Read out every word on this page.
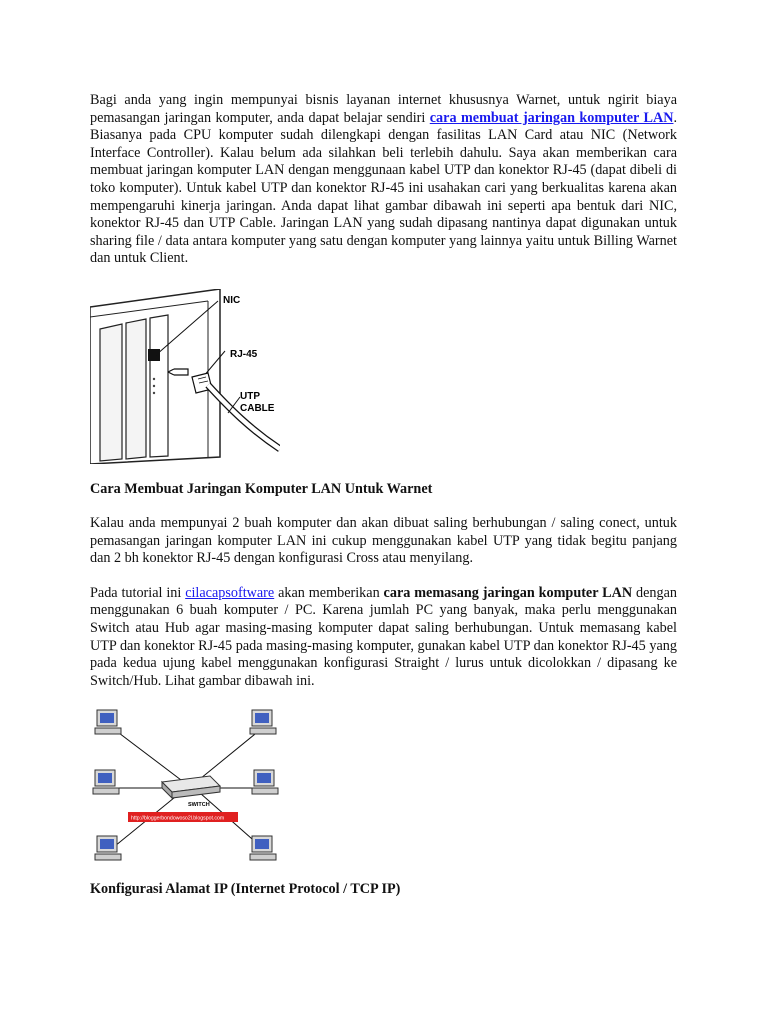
Bagi anda yang ingin mempunyai bisnis layanan internet khususnya Warnet, untuk ngirit biaya pemasangan jaringan komputer, anda dapat belajar sendiri cara membuat jaringan komputer LAN. Biasanya pada CPU komputer sudah dilengkapi dengan fasilitas LAN Card atau NIC (Network Interface Controller). Kalau belum ada silahkan beli terlebih dahulu. Saya akan memberikan cara membuat jaringan komputer LAN dengan menggunaan kabel UTP dan konektor RJ-45 (dapat dibeli di toko komputer). Untuk kabel UTP dan konektor RJ-45 ini usahakan cari yang berkualitas karena akan mempengaruhi kinerja jaringan. Anda dapat lihat gambar dibawah ini seperti apa bentuk dari NIC, konektor RJ-45 dan UTP Cable. Jaringan LAN yang sudah dipasang nantinya dapat digunakan untuk sharing file / data antara komputer yang satu dengan komputer yang lainnya yaitu untuk Billing Warnet dan untuk Client.

NIC
RJ-45
UTP
CABLE

Cara Membuat Jaringan Komputer LAN Untuk Warnet

Kalau anda mempunyai 2 buah komputer dan akan dibuat saling berhubungan / saling conect, untuk pemasangan jaringan komputer LAN ini cukup menggunakan kabel UTP yang tidak begitu panjang dan 2 bh konektor RJ-45 dengan konfigurasi Cross atau menyilang.

Pada tutorial ini cilacapsoftware akan memberikan cara memasang jaringan komputer LAN dengan menggunakan 6 buah komputer / PC. Karena jumlah PC yang banyak, maka perlu menggunakan Switch atau Hub agar masing-masing komputer dapat saling berhubungan. Untuk memasang kabel UTP dan konektor RJ-45 pada masing-masing komputer, gunakan kabel UTP dan konektor RJ-45 yang pada kedua ujung kabel menggunakan konfigurasi Straight / lurus untuk dicolokkan / dipasang ke Switch/Hub. Lihat gambar dibawah ini.

SWITCH
http://bloggerbondowoso2l.blogspot.com

Konfigurasi Alamat IP (Internet Protocol / TCP IP)
